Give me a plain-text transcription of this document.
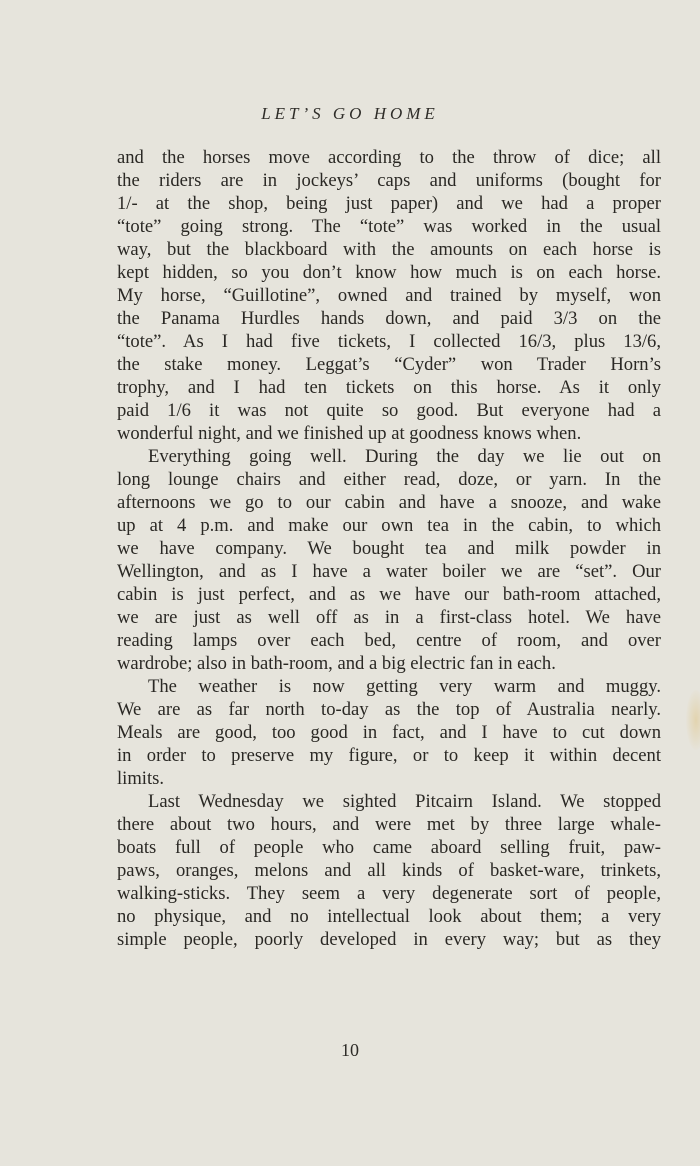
LET’S GO HOME
and the horses move according to the throw of dice; all
the riders are in jockeys’ caps and uniforms (bought for
1/- at the shop, being just paper) and we had a proper
“tote” going strong. The “tote” was worked in the usual
way, but the blackboard with the amounts on each horse is
kept hidden, so you don’t know how much is on each horse.
My horse, “Guillotine”, owned and trained by myself, won
the Panama Hurdles hands down, and paid 3/3 on the
“tote”. As I had five tickets, I collected 16/3, plus 13/6,
the stake money. Leggat’s “Cyder” won Trader Horn’s
trophy, and I had ten tickets on this horse. As it only
paid 1/6 it was not quite so good. But everyone had a
wonderful night, and we finished up at goodness knows when.
Everything going well. During the day we lie out on
long lounge chairs and either read, doze, or yarn. In the
afternoons we go to our cabin and have a snooze, and wake
up at 4 p.m. and make our own tea in the cabin, to which
we have company. We bought tea and milk powder in
Wellington, and as I have a water boiler we are “set”. Our
cabin is just perfect, and as we have our bath-room attached,
we are just as well off as in a first-class hotel. We have
reading lamps over each bed, centre of room, and over
wardrobe; also in bath-room, and a big electric fan in each.
The weather is now getting very warm and muggy.
We are as far north to-day as the top of Australia nearly.
Meals are good, too good in fact, and I have to cut down
in order to preserve my figure, or to keep it within decent
limits.
Last Wednesday we sighted Pitcairn Island. We stopped
there about two hours, and were met by three large whale-
boats full of people who came aboard selling fruit, paw-
paws, oranges, melons and all kinds of basket-ware, trinkets,
walking-sticks. They seem a very degenerate sort of people,
no physique, and no intellectual look about them; a very
simple people, poorly developed in every way; but as they
10
